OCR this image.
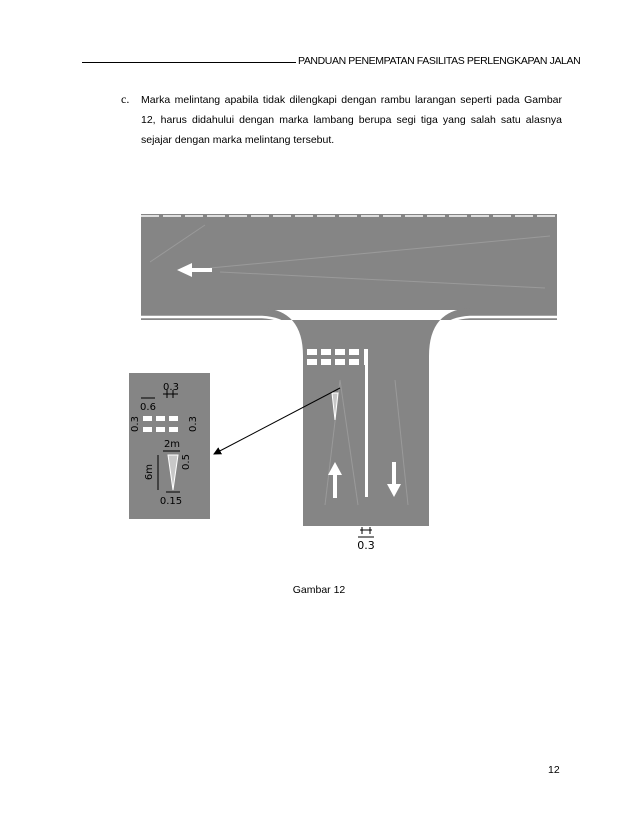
PANDUAN PENEMPATAN FASILITAS PERLENGKAPAN JALAN
c. Marka melintang apabila tidak dilengkapi dengan rambu larangan seperti pada Gambar 12, harus didahului dengan marka lambang berupa segi tiga yang salah satu alasnya sejajar dengan marka melintang tersebut.
0.3
0.3
0.6
0.3	0.3
2m
0.5
6m
0.15
Gambar 12
12
